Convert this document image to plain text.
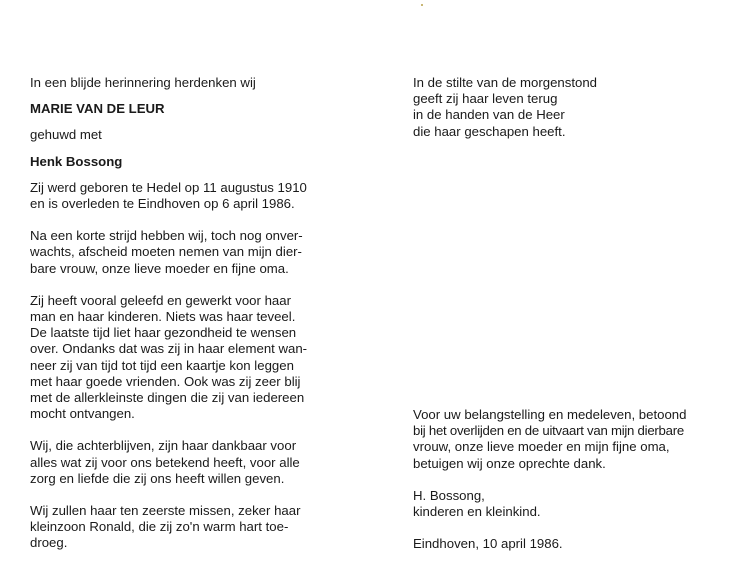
In een blijde herinnering herdenken wij
MARIE VAN DE LEUR
gehuwd met
Henk Bossong
Zij werd geboren te Hedel op 11 augustus 1910
en is overleden te Eindhoven op 6 april 1986.
Na een korte strijd hebben wij, toch nog onver-
wachts, afscheid moeten nemen van mijn dier-
bare vrouw, onze lieve moeder en fijne oma.
Zij heeft vooral geleefd en gewerkt voor haar
man en haar kinderen. Niets was haar teveel.
De laatste tijd liet haar gezondheid te wensen
over. Ondanks dat was zij in haar element wan-
neer zij van tijd tot tijd een kaartje kon leggen
met haar goede vrienden. Ook was zij zeer blij
met de allerkleinste dingen die zij van iedereen
mocht ontvangen.
Wij, die achterblijven, zijn haar dankbaar voor
alles wat zij voor ons betekend heeft, voor alle
zorg en liefde die zij ons heeft willen geven.
Wij zullen haar ten zeerste missen, zeker haar
kleinzoon Ronald, die zij zo'n warm hart toe-
droeg.
In de stilte van de morgenstond
geeft zij haar leven terug
in de handen van de Heer
die haar geschapen heeft.
Voor uw belangstelling en medeleven, betoond
bij het overlijden en de uitvaart van mijn dierbare
vrouw, onze lieve moeder en mijn fijne oma,
betuigen wij onze oprechte dank.
H. Bossong,
kinderen en kleinkind.
Eindhoven, 10 april 1986.
